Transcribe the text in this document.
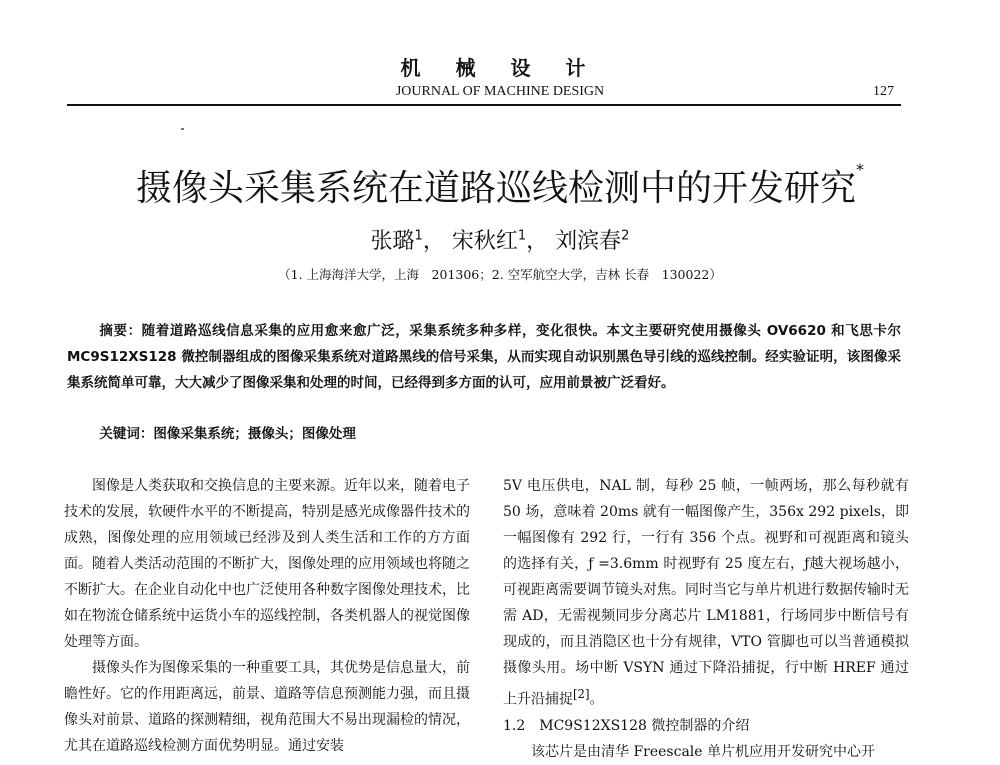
机 械 设 计
JOURNAL OF MACHINE DESIGN	127
摄像头采集系统在道路巡线检测中的开发研究*
张璐$^1$， 宋秋红$^1$， 刘滨春$^2$
（1. 上海海洋大学，上海　201306；2. 空军航空大学，吉林 长春　130022）
摘要：随着道路巡线信息采集的应用愈来愈广泛，采集系统多种多样，变化很快。本文主要研究使用摄像头 OV6620 和飞思卡尔 MC9S12XS128 微控制器组成的图像采集系统对道路黑线的信号采集，从而实现自动识别黑色导引线的巡线控制。经实验证明，该图像采集系统简单可靠，大大减少了图像采集和处理的时间，已经得到多方面的认可，应用前景被广泛看好。
关键词：图像采集系统；摄像头；图像处理

图像是人类获取和交换信息的主要来源。近年以来，随着电子技术的发展，软硬件水平的不断提高，特别是感光成像器件技术的成熟，图像处理的应用领域已经涉及到人类生活和工作的方方面面。随着人类活动范围的不断扩大，图像处理的应用领域也将随之不断扩大。在企业自动化中也广泛使用各种数字图像处理技术，比如在物流仓储系统中运货小车的巡线控制，各类机器人的视觉图像处理等方面。

摄像头作为图像采集的一种重要工具，其优势是信息量大，前瞻性好。它的作用距离远，前景、道路等信息预测能力强，而且摄像头对前景、道路的探测精细，视角范围大不易出现漏检的情况，尤其在道路巡线检测方面优势明显。通过安装

5V 电压供电，NAL 制，每秒 25 帧，一帧两场，那么每秒就有 50 场，意味着 20ms 就有一幅图像产生，356x 292 pixels，即一幅图像有 292 行，一行有 356 个点。视野和可视距离和镜头的选择有关，ƒ =3.6mm 时视野有 25 度左右，ƒ越大视场越小，可视距离需要调节镜头对焦。同时当它与单片机进行数据传输时无需 AD，无需视频同步分离芯片 LM1881，行场同步中断信号有现成的，而且消隐区也十分有规律，VTO 管脚也可以当普通模拟摄像头用。场中断 VSYN 通过下降沿捕捉，行中断 HREF 通过上升沿捕捉[2]。

1.2　MC9S12XS128 微控制器的介绍

该芯片是由清华 Freescale 单片机应用开发研究中心开
